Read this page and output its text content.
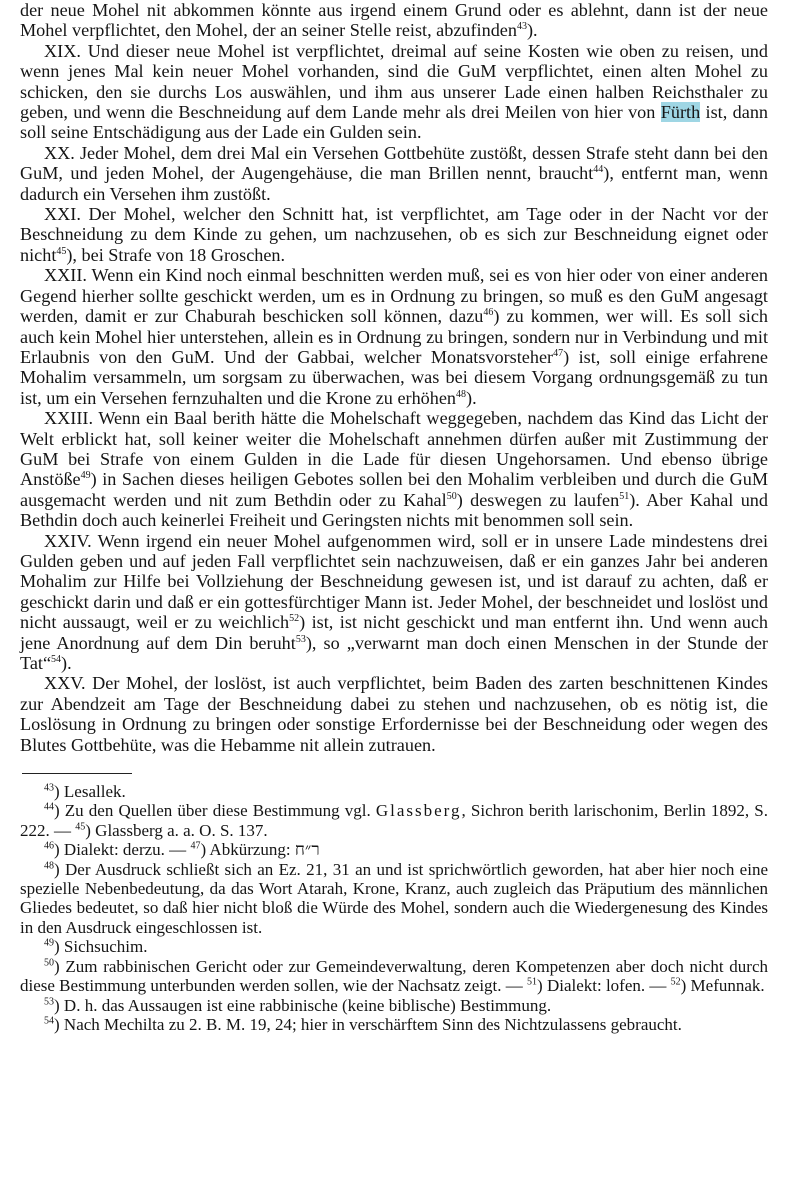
der neue Mohel nit abkommen könnte aus irgend einem Grund oder es ablehnt, dann ist der neue Mohel verpflichtet, den Mohel, der an seiner Stelle reist, abzufinden$^{43}$).

XIX. Und dieser neue Mohel ist verpflichtet, dreimal auf seine Kosten wie oben zu reisen, und wenn jenes Mal kein neuer Mohel vorhanden, sind die GuM verpflichtet, einen alten Mohel zu schicken, den sie durchs Los auswählen, und ihm aus unserer Lade einen halben Reichsthaler zu geben, und wenn die Beschneidung auf dem Lande mehr als drei Meilen von hier von Fürth ist, dann soll seine Entschädigung aus der Lade ein Gulden sein.

XX. Jeder Mohel, dem drei Mal ein Versehen Gottbehüte zustößt, dessen Strafe steht dann bei den GuM, und jeden Mohel, der Augengehäuse, die man Brillen nennt, braucht$^{44}$), entfernt man, wenn dadurch ein Versehen ihm zustößt.

XXI. Der Mohel, welcher den Schnitt hat, ist verpflichtet, am Tage oder in der Nacht vor der Beschneidung zu dem Kinde zu gehen, um nachzusehen, ob es sich zur Beschneidung eignet oder nicht$^{45}$), bei Strafe von 18 Groschen.

XXII. Wenn ein Kind noch einmal beschnitten werden muß, sei es von hier oder von einer anderen Gegend hierher sollte geschickt werden, um es in Ordnung zu bringen, so muß es den GuM angesagt werden, damit er zur Chaburah beschicken soll können, dazu$^{46}$) zu kommen, wer will. Es soll sich auch kein Mohel hier unterstehen, allein es in Ordnung zu bringen, sondern nur in Verbindung und mit Erlaubnis von den GuM. Und der Gabbai, welcher Monatsvorsteher$^{47}$) ist, soll einige erfahrene Mohalim versammeln, um sorgsam zu überwachen, was bei diesem Vorgang ordnungsgemäß zu tun ist, um ein Versehen fernzuhalten und die Krone zu erhöhen$^{48}$).

XXIII. Wenn ein Baal berith hätte die Mohelschaft weggegeben, nachdem das Kind das Licht der Welt erblickt hat, soll keiner weiter die Mohelschaft annehmen dürfen außer mit Zustimmung der GuM bei Strafe von einem Gulden in die Lade für diesen Ungehorsamen. Und ebenso übrige Anstöße$^{49}$) in Sachen dieses heiligen Gebotes sollen bei den Mohalim verbleiben und durch die GuM ausgemacht werden und nit zum Bethdin oder zu Kahal$^{50}$) deswegen zu laufen$^{51}$). Aber Kahal und Bethdin doch auch keinerlei Freiheit und Geringsten nichts mit benommen soll sein.

XXIV. Wenn irgend ein neuer Mohel aufgenommen wird, soll er in unsere Lade mindestens drei Gulden geben und auf jeden Fall verpflichtet sein nachzuweisen, daß er ein ganzes Jahr bei anderen Mohalim zur Hilfe bei Vollziehung der Beschneidung gewesen ist, und ist darauf zu achten, daß er geschickt darin und daß er ein gottesfürchtiger Mann ist. Jeder Mohel, der beschneidet und loslöst und nicht aussaugt, weil er zu weichlich$^{52}$) ist, ist nicht geschickt und man entfernt ihn. Und wenn auch jene Anordnung auf dem Din beruht$^{53}$), so „verwarnt man doch einen Menschen in der Stunde der Tat“$^{54}$).

XXV. Der Mohel, der loslöst, ist auch verpflichtet, beim Baden des zarten beschnittenen Kindes zur Abendzeit am Tage der Beschneidung dabei zu stehen und nachzusehen, ob es nötig ist, die Loslösung in Ordnung zu bringen oder sonstige Erfordernisse bei der Beschneidung oder wegen des Blutes Gottbehüte, was die Hebamme nit allein zutrauen.

$^{43}$) Lesallek.

$^{44}$) Zu den Quellen über diese Bestimmung vgl. Glassberg, Sichron berith larischonim, Berlin 1892, S. 222. — $^{45}$) Glassberg a. a. O. S. 137.

$^{46}$) Dialekt: derzu. — $^{47}$) Abkürzung: ר״ח

$^{48}$) Der Ausdruck schließt sich an Ez. 21, 31 an und ist sprichwörtlich geworden, hat aber hier noch eine spezielle Nebenbedeutung, da das Wort Atarah, Krone, Kranz, auch zugleich das Präputium des männlichen Gliedes bedeutet, so daß hier nicht bloß die Würde des Mohel, sondern auch die Wiedergenesung des Kindes in den Ausdruck eingeschlossen ist.

$^{49}$) Sichsuchim.

$^{50}$) Zum rabbinischen Gericht oder zur Gemeindeverwaltung, deren Kompetenzen aber doch nicht durch diese Bestimmung unterbunden werden sollen, wie der Nachsatz zeigt. — $^{51}$) Dialekt: lofen. — $^{52}$) Mefunnak.

$^{53}$) D. h. das Aussaugen ist eine rabbinische (keine biblische) Bestimmung.

$^{54}$) Nach Mechilta zu 2. B. M. 19, 24; hier in verschärftem Sinn des Nichtzulassens gebraucht.
